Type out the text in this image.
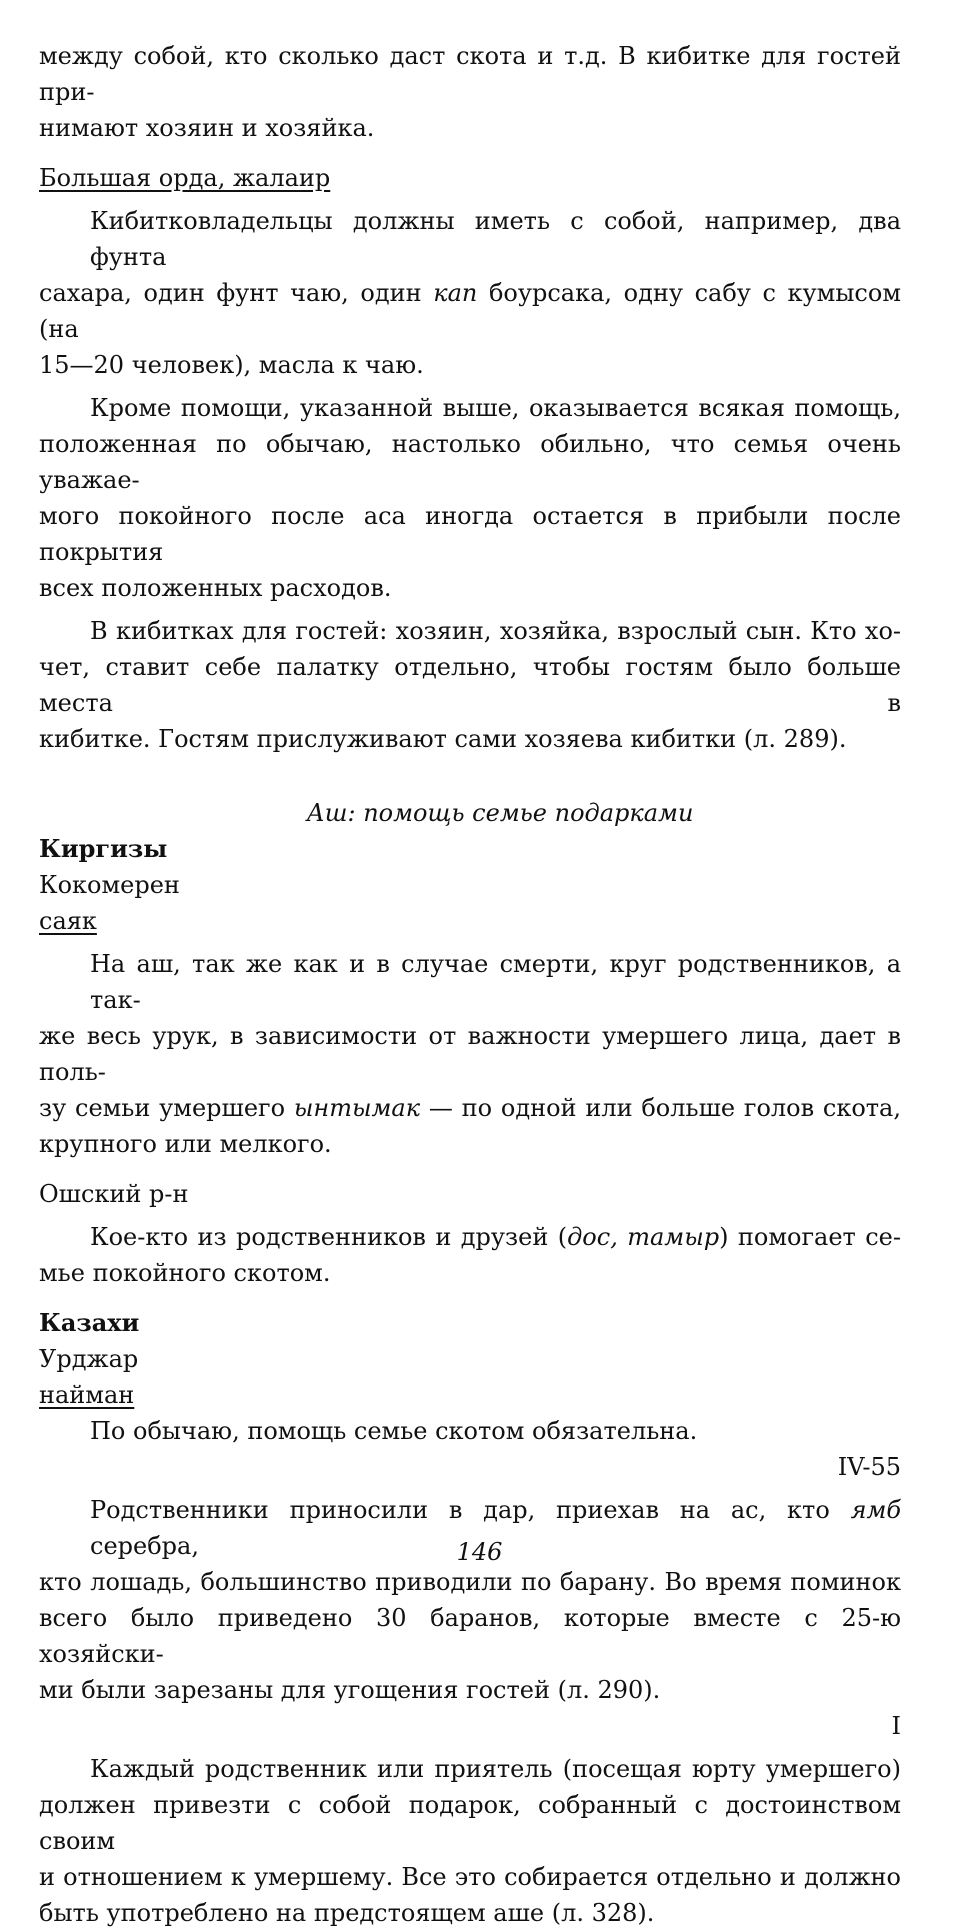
между собой, кто сколько даст скота и т.д. В кибитке для гостей при-
нимают хозяин и хозяйка.
Большая орда, жалаир
Кибитковладельцы должны иметь с собой, например, два фунта
сахара, один фунт чаю, один кап боурсака, одну сабу с кумысом (на
15—20 человек), масла к чаю.
Кроме помощи, указанной выше, оказывается всякая помощь,
положенная по обычаю, настолько обильно, что семья очень уважае-
мого покойного после аса иногда остается в прибыли после покрытия
всех положенных расходов.
В кибитках для гостей: хозяин, хозяйка, взрослый сын. Кто хо-
чет, ставит себе палатку отдельно, чтобы гостям было больше места в
кибитке. Гостям прислуживают сами хозяева кибитки (л. 289).
Аш: помощь семье подарками
Киргизы
Кокомерен
саяк
На аш, так же как и в случае смерти, круг родственников, а так-
же весь урук, в зависимости от важности умершего лица, дает в поль-
зу семьи умершего ынтымак — по одной или больше голов скота,
крупного или мелкого.
Ошский р-н
Кое-кто из родственников и друзей (дос, тамыр) помогает се-
мье покойного скотом.
Казахи
Урджар
найман
По обычаю, помощь семье скотом обязательна.
IV-55
Родственники приносили в дар, приехав на ас, кто ямб серебра,
кто лошадь, большинство приводили по барану. Во время поминок
всего было приведено 30 баранов, которые вместе с 25-ю хозяйски-
ми были зарезаны для угощения гостей (л. 290).
I
Каждый родственник или приятель (посещая юрту умершего)
должен привезти с собой подарок, собранный с достоинством своим
и отношением к умершему. Все это собирается отдельно и должно
быть употреблено на предстоящем аше (л. 328).
146
